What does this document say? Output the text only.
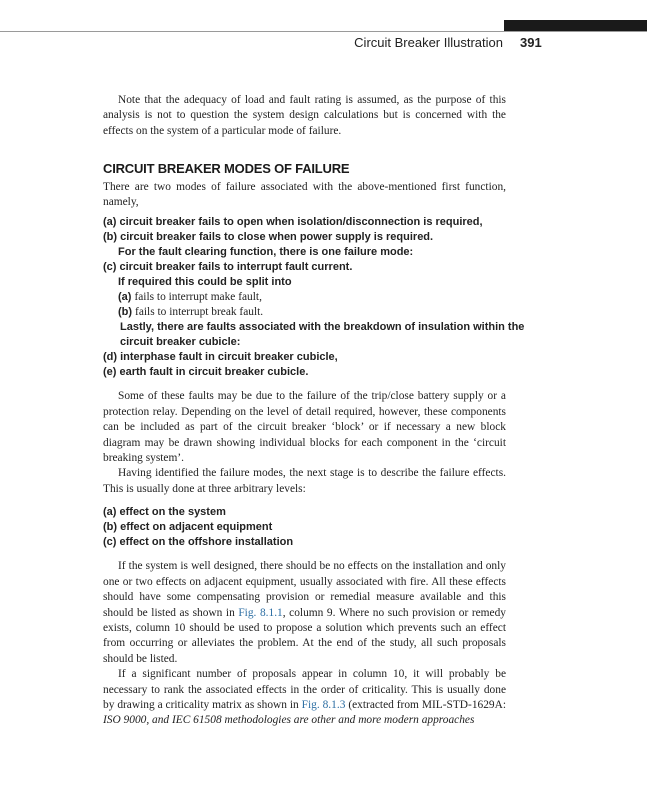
Circuit Breaker Illustration 391

Note that the adequacy of load and fault rating is assumed, as the purpose of this analysis is not to question the system design calculations but is concerned with the effects on the system of a particular mode of failure.

CIRCUIT BREAKER MODES OF FAILURE

There are two modes of failure associated with the above-mentioned first function, namely,

(a) circuit breaker fails to open when isolation/disconnection is required,
(b) circuit breaker fails to close when power supply is required.
For the fault clearing function, there is one failure mode:
(c) circuit breaker fails to interrupt fault current.
If required this could be split into
(a) fails to interrupt make fault,
(b) fails to interrupt break fault.
Lastly, there are faults associated with the breakdown of insulation within the
circuit breaker cubicle:
(d) interphase fault in circuit breaker cubicle,
(e) earth fault in circuit breaker cubicle.

Some of these faults may be due to the failure of the trip/close battery supply or a protection relay. Depending on the level of detail required, however, these components can be included as part of the circuit breaker ‘block’ or if necessary a new block diagram may be drawn showing individual blocks for each component in the ‘circuit breaking system’.

Having identified the failure modes, the next stage is to describe the failure effects. This is usually done at three arbitrary levels:

(a) effect on the system
(b) effect on adjacent equipment
(c) effect on the offshore installation

If the system is well designed, there should be no effects on the installation and only one or two effects on adjacent equipment, usually associated with fire. All these effects should have some compensating provision or remedial measure available and this should be listed as shown in Fig. 8.1.1, column 9. Where no such provision or remedy exists, column 10 should be used to propose a solution which prevents such an effect from occurring or alleviates the problem. At the end of the study, all such proposals should be listed.

If a significant number of proposals appear in column 10, it will probably be necessary to rank the associated effects in the order of criticality. This is usually done by drawing a criticality matrix as shown in Fig. 8.1.3 (extracted from MIL-STD-1629A: ISO 9000, and IEC 61508 methodologies are other and more modern approaches
